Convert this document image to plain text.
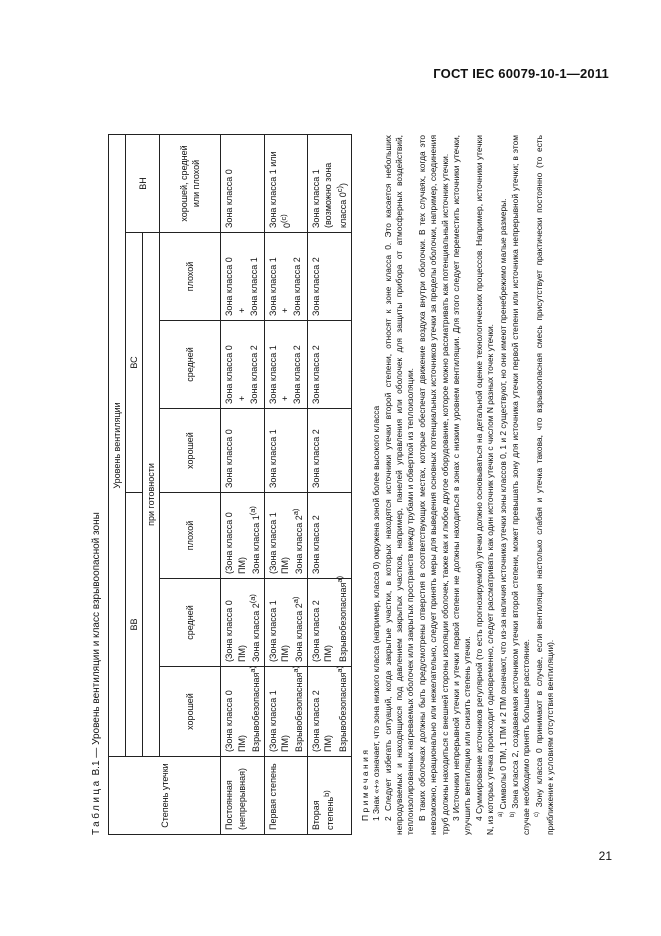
ГОСТ IEC 60079-10-1—2011
Таблица В.1 — Уровень вентиляции и класс взрывоопасной зоны
Степень утечки	Уровень вентиляции						
	ВВ			ВС			ВН
	при готовности						
	хорошей	средней	плохой	хорошей	средней	плохой	хорошей, средней или плохой
Постоянная (непрерывная)	(Зона класса 0 ПМ) Взрывобезопасная$^{а)}$	(Зона класса 0 ПМ) Зона класса $2^{(а)}$	(Зона класса 0 ПМ) Зона класса $1^{(а)}$	Зона класса 0	Зона класса 0 + Зона класса 2	Зона класса 0 + Зона класса 1	Зона класса 0

Первая степень	(Зона класса 1 ПМ) Взрывобезопасная$^{а)}$	(Зона класса 1 ПМ) Зона класса $2^{а)}$	(Зона класса 1 ПМ) Зона класса $2^{а)}$	Зона класса 1	Зона класса 1 + Зона класса 2	Зона класса 1 + Зона класса 2	Зона класса 1 или $0^{(с)}$

Вторая степень$^{b)}$	(Зона класса 2 ПМ) Взрывобезопасная$^{а)}$	(Зона класса 2 ПМ) Взрывобезопасная$^{а)}$	Зона класса 2	Зона класса 2	Зона класса 2	Зона класса 2	Зона класса 1 (возможно зона класса $0^{с)}$)
Примечания 1 Знак «+» означает, что зона низкого класса (например, класса 0) окружена зоной более высокого класса 2 Следует избегать ситуаций, когда закрытые участки, в которых находятся источники утечки второй степени, относят к зоне класса 0. Это касается небольших непродуваемых и находящихся под давлением закрытых участков, например, панелей управления или оболочек для защиты прибора от атмосферных воздействий, теплоизолированных нагреваемых оболочек или закрытых пространств между трубами и обверткой из теплоизоляции. В таких оболочках должны быть предусмотрены отверстия в соответствующих местах, которые обеспечат движение воздуха внутри оболочки. В тех случаях, когда это невозможно, нерационально или нежелательно, следует принять меры для выведения основных потенциальных источников утечки за пределы оболочки, например, соединения труб должны находиться с внешней стороны изоляции оболочек, также как и любое другое оборудование, которое можно рассматривать как потенциальный источник утечки. 3 Источники непрерывной утечки и утечки первой степени не должны находиться в зонах с низким уровнем вентиляции. Для этого следует переместить источники утечки, улучшить вентиляцию или снизить степень утечки. 4 Суммирование источников регулярной (то есть прогнозируемой) утечки должно основываться на детальной оценке технологических процессов. Например, источники утечки N, из которых утечка происходит одновременно, следует рассматривать как один источник утечки с числом N разных точек утечки. $^{а)}$ Символы 0 ПМ, 1 ПМ и 2 ПМ означают, что из-за наличия источника утечки зоны классов 0, 1 и 2 существуют, но они имеют пренебрежимо малые размеры.

$^{b)}$ Зона класса 2, создаваемая источником утечки второй степени, может превышать зону для источника утечки первой степени или источника непрерывной утечки; в этом случае необходимо принять большее расстояние. $^{с)}$ Зону класса 0 принимают в случае, если вентиляция настолько слабая и утечка такова, что взрывоопасная смесь присутствует практически постоянно (то есть приближение к условиям отсутствия вентиляции).

21
